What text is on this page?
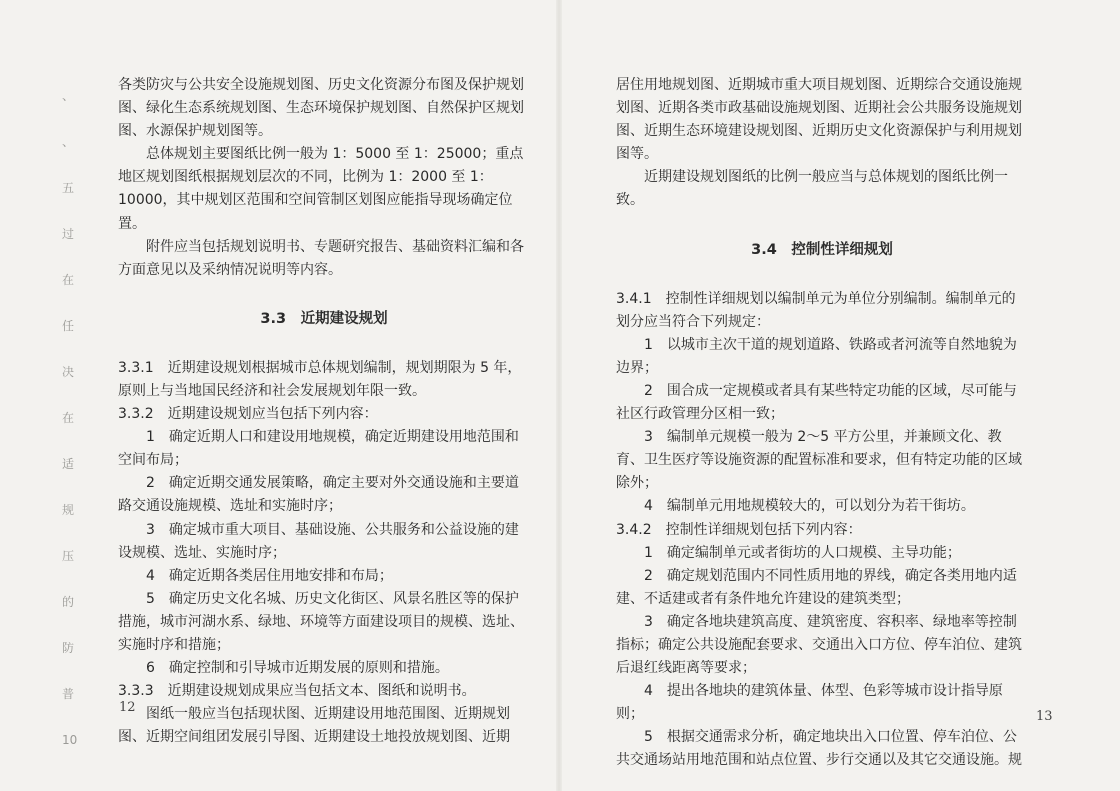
、
、
五
过
在
任
决
在
适
规
压
的
防
普
10

各类防灾与公共安全设施规划图、历史文化资源分布图及保护规划图、绿化生态系统规划图、生态环境保护规划图、自然保护区规划图、水源保护规划图等。

总体规划主要图纸比例一般为 1：5000 至 1：25000；重点地区规划图纸根据规划层次的不同，比例为 1：2000 至 1：10000，其中规划区范围和空间管制区划图应能指导现场确定位置。

附件应当包括规划说明书、专题研究报告、基础资料汇编和各方面意见以及采纳情况说明等内容。

3.3　近期建设规划

3.3.1　近期建设规划根据城市总体规划编制，规划期限为 5 年，原则上与当地国民经济和社会发展规划年限一致。

3.3.2　近期建设规划应当包括下列内容：

1　确定近期人口和建设用地规模，确定近期建设用地范围和空间布局；

2　确定近期交通发展策略，确定主要对外交通设施和主要道路交通设施规模、选址和实施时序；

3　确定城市重大项目、基础设施、公共服务和公益设施的建设规模、选址、实施时序；

4　确定近期各类居住用地安排和布局；

5　确定历史文化名城、历史文化街区、风景名胜区等的保护措施，城市河湖水系、绿地、环境等方面建设项目的规模、选址、实施时序和措施；

6　确定控制和引导城市近期发展的原则和措施。

3.3.3　近期建设规划成果应当包括文本、图纸和说明书。

图纸一般应当包括现状图、近期建设用地范围图、近期规划图、近期空间组团发展引导图、近期建设土地投放规划图、近期

12

居住用地规划图、近期城市重大项目规划图、近期综合交通设施规划图、近期各类市政基础设施规划图、近期社会公共服务设施规划图、近期生态环境建设规划图、近期历史文化资源保护与利用规划图等。

近期建设规划图纸的比例一般应当与总体规划的图纸比例一致。

3.4　控制性详细规划

3.4.1　控制性详细规划以编制单元为单位分别编制。编制单元的划分应当符合下列规定：

1　以城市主次干道的规划道路、铁路或者河流等自然地貌为边界；

2　围合成一定规模或者具有某些特定功能的区域，尽可能与社区行政管理分区相一致；

3　编制单元规模一般为 2～5 平方公里，并兼顾文化、教育、卫生医疗等设施资源的配置标准和要求，但有特定功能的区域除外；

4　编制单元用地规模较大的，可以划分为若干街坊。

3.4.2　控制性详细规划包括下列内容：

1　确定编制单元或者街坊的人口规模、主导功能；

2　确定规划范围内不同性质用地的界线，确定各类用地内适建、不适建或者有条件地允许建设的建筑类型；

3　确定各地块建筑高度、建筑密度、容积率、绿地率等控制指标；确定公共设施配套要求、交通出入口方位、停车泊位、建筑后退红线距离等要求；

4　提出各地块的建筑体量、体型、色彩等城市设计指导原则；

5　根据交通需求分析，确定地块出入口位置、停车泊位、公共交通场站用地范围和站点位置、步行交通以及其它交通设施。规

13
